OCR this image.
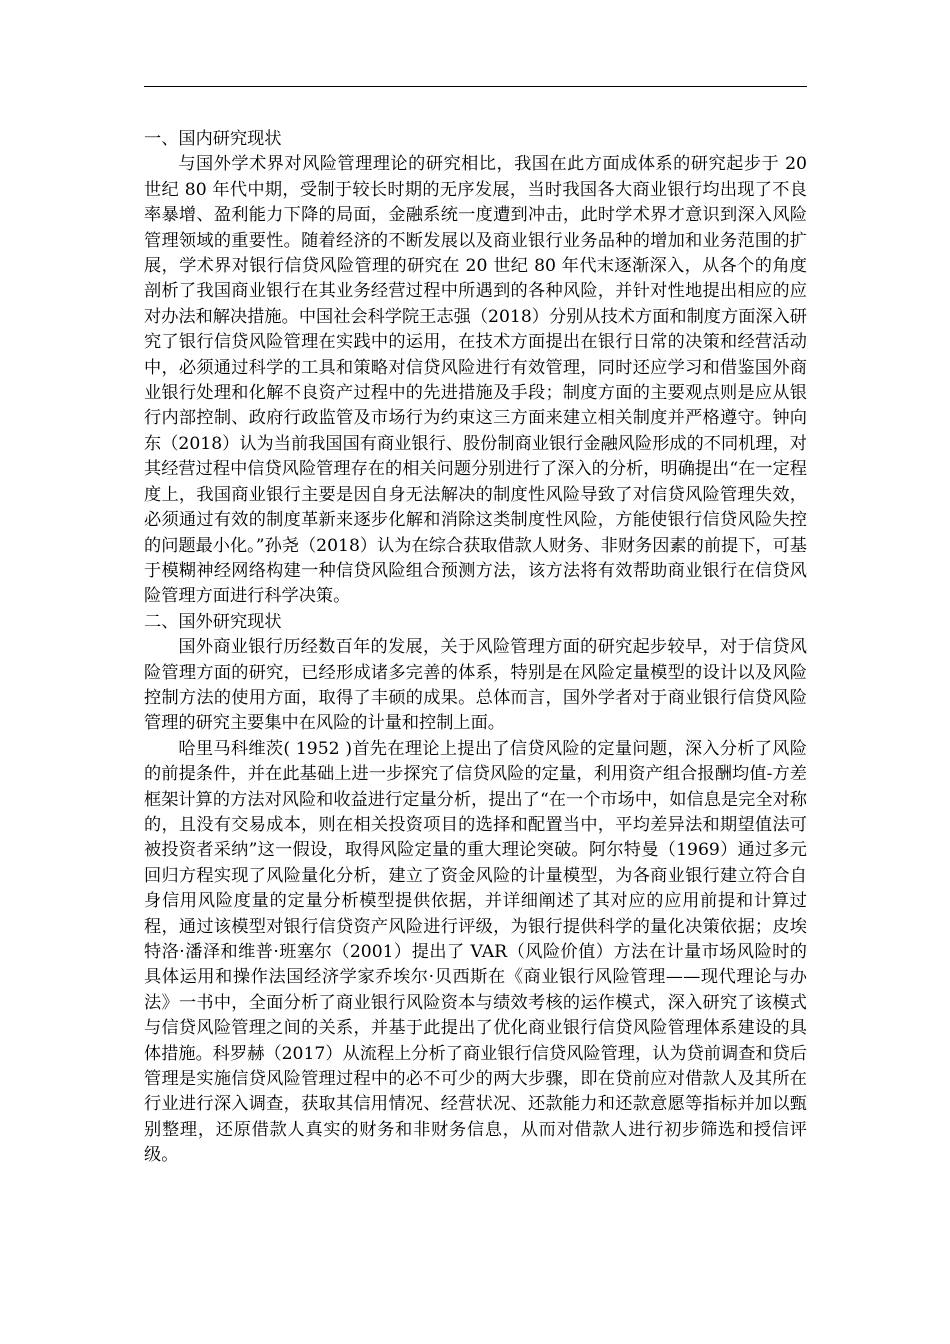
一、国内研究现状

与国外学术界对风险管理理论的研究相比，我国在此方面成体系的研究起步于 20 世纪 80 年代中期，受制于较长时期的无序发展，当时我国各大商业银行均出现了不良率暴增、盈利能力下降的局面，金融系统一度遭到冲击，此时学术界才意识到深入风险管理领域的重要性。随着经济的不断发展以及商业银行业务品种的增加和业务范围的扩展，学术界对银行信贷风险管理的研究在 20 世纪 80 年代末逐渐深入，从各个的角度剖析了我国商业银行在其业务经营过程中所遇到的各种风险，并针对性地提出相应的应对办法和解决措施。中国社会科学院王志强（2018）分别从技术方面和制度方面深入研究了银行信贷风险管理在实践中的运用，在技术方面提出在银行日常的决策和经营活动中，必须通过科学的工具和策略对信贷风险进行有效管理，同时还应学习和借鉴国外商业银行处理和化解不良资产过程中的先进措施及手段；制度方面的主要观点则是应从银行内部控制、政府行政监管及市场行为约束这三方面来建立相关制度并严格遵守。钟向东（2018）认为当前我国国有商业银行、股份制商业银行金融风险形成的不同机理，对其经营过程中信贷风险管理存在的相关问题分别进行了深入的分析，明确提出“在一定程度上，我国商业银行主要是因自身无法解决的制度性风险导致了对信贷风险管理失效，必须通过有效的制度革新来逐步化解和消除这类制度性风险，方能使银行信贷风险失控的问题最小化。”孙尧（2018）认为在综合获取借款人财务、非财务因素的前提下，可基于模糊神经网络构建一种信贷风险组合预测方法，该方法将有效帮助商业银行在信贷风险管理方面进行科学决策。

二、国外研究现状

国外商业银行历经数百年的发展，关于风险管理方面的研究起步较早，对于信贷风险管理方面的研究，已经形成诸多完善的体系，特别是在风险定量模型的设计以及风险控制方法的使用方面，取得了丰硕的成果。总体而言，国外学者对于商业银行信贷风险管理的研究主要集中在风险的计量和控制上面。

哈里马科维茨( 1952 )首先在理论上提出了信贷风险的定量问题，深入分析了风险的前提条件，并在此基础上进一步探究了信贷风险的定量，利用资产组合报酬均值-方差框架计算的方法对风险和收益进行定量分析，提出了“在一个市场中，如信息是完全对称的，且没有交易成本，则在相关投资项目的选择和配置当中，平均差异法和期望值法可被投资者采纳”这一假设，取得风险定量的重大理论突破。阿尔特曼（1969）通过多元回归方程实现了风险量化分析，建立了资金风险的计量模型，为各商业银行建立符合自身信用风险度量的定量分析模型提供依据，并详细阐述了其对应的应用前提和计算过程，通过该模型对银行信贷资产风险进行评级，为银行提供科学的量化决策依据；皮埃特洛·潘泽和维普·班塞尔（2001）提出了 VAR（风险价值）方法在计量市场风险时的具体运用和操作法国经济学家乔埃尔·贝西斯在《商业银行风险管理——现代理论与办法》一书中，全面分析了商业银行风险资本与绩效考核的运作模式，深入研究了该模式与信贷风险管理之间的关系，并基于此提出了优化商业银行信贷风险管理体系建设的具体措施。科罗赫（2017）从流程上分析了商业银行信贷风险管理，认为贷前调查和贷后管理是实施信贷风险管理过程中的必不可少的两大步骤，即在贷前应对借款人及其所在行业进行深入调查，获取其信用情况、经营状况、还款能力和还款意愿等指标并加以甄别整理，还原借款人真实的财务和非财务信息，从而对借款人进行初步筛选和授信评级。
